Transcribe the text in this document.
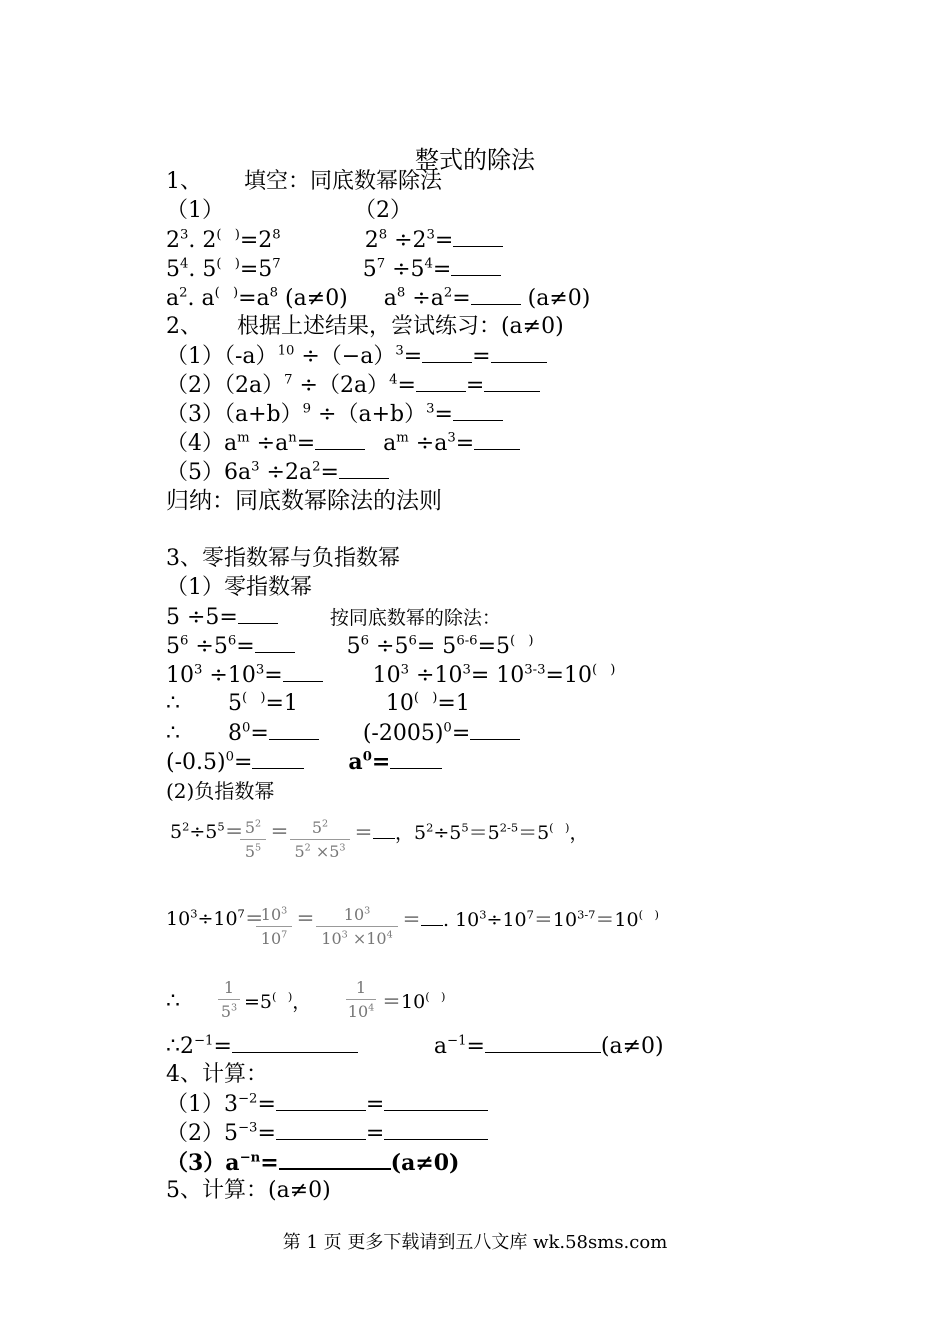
整式的除法
1、      填空：同底数幂除法
（1）	（2）
$2^3$. $2^{( )}=2^8$	$2^8 \div 2^3=$
$5^4$. $5^{( )}=5^7$	$5^7 \div 5^4=$
$a^2$. $a^{( )}=a^8$ (a≠0) $a^8 \div a^2= (a\ne 0)$
2、     根据上述结果，尝试练习：(a≠0)
$(1)(-a)^{10} \div(-a)^3=$ =
$(2)(2a)^7 \div(2a)^4=$ =
$(3)(a+b)^9 \div(a+b)^3=$
$(4)a^m \div a^n=$	$a^m \div a^3=$
$(5)6a^3 \div 2a^2=$
归纳：同底数幂除法的法则
3、零指数幂与负指数幂
（1）零指数幂
5 ÷5=	按同底数幂的除法：
$5^6 \div 5^6=$	$5^6 \div 5^6= 5^{6-6}=5^{( )}$
$10^3 \div 10^3=$	$10^3 \div 10^3= 10^{3-3}=10^{( )}$
∴ 5(　)=1	10(　)=1
∴ $8^0=$	$(-2005)^0=$
$(-0.5)^0=$	$a^0=$
(2)负指数幂
$5^2\div 5^5= 5^2$
$5^5$
＝	$5^2$
$5^2 \times 5^3$
＝ ，$5^2\div 5^5=5^{2-5}=5^{( )}$，
$10^3\div 10^7=$
$10^3$
$10^7$
＝	$10^3$
$10^3 \times 10^4$
＝ . $10^3\div 10^7=10^{3-7}=10^{( )}$
∴
1
$5^3 =5^{( )}$，
1
$10^4 =10^{( )}$
$\therefore 2^{-1}=$	$a^{-1}=$	(a≠0)
4、计算：
$(1)3^{-2}=$	=
$(2)5^{-3}=$	=
$(3)a^{-n}=$	(a≠0)
5、计算：(a≠0)
第 1 页 更多下载请到五八文库 wk.58sms.com
